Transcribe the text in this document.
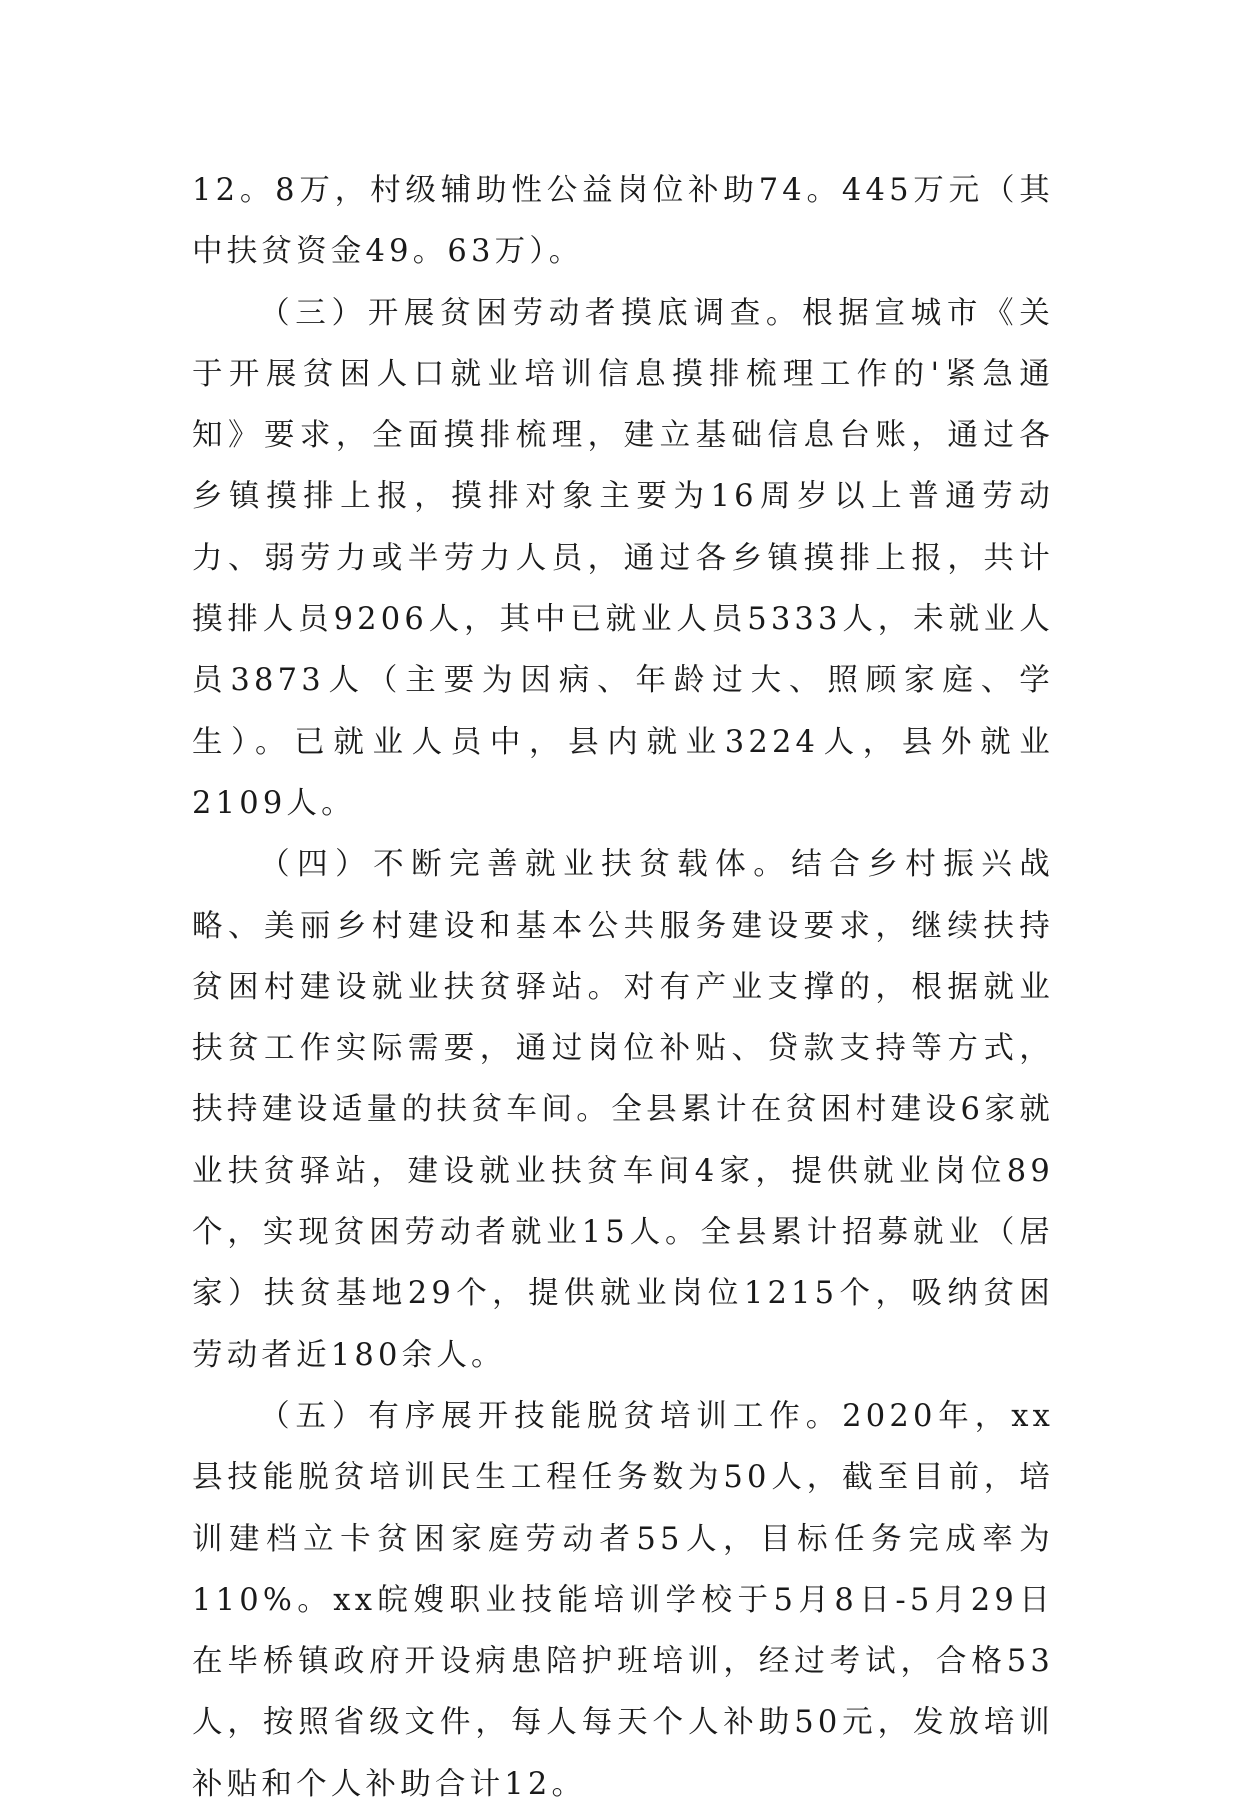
12。8万，村级辅助性公益岗位补助74。445万元（其中扶贫资金49。63万）。

（三）开展贫困劳动者摸底调查。根据宣城市《关于开展贫困人口就业培训信息摸排梳理工作的'紧急通知》要求，全面摸排梳理，建立基础信息台账，通过各乡镇摸排上报，摸排对象主要为16周岁以上普通劳动力、弱劳力或半劳力人员，通过各乡镇摸排上报，共计摸排人员9206人，其中已就业人员5333人，未就业人员3873人（主要为因病、年龄过大、照顾家庭、学生）。已就业人员中，县内就业3224人，县外就业2109人。

（四）不断完善就业扶贫载体。结合乡村振兴战略、美丽乡村建设和基本公共服务建设要求，继续扶持贫困村建设就业扶贫驿站。对有产业支撑的，根据就业扶贫工作实际需要，通过岗位补贴、贷款支持等方式，扶持建设适量的扶贫车间。全县累计在贫困村建设6家就业扶贫驿站，建设就业扶贫车间4家，提供就业岗位89个，实现贫困劳动者就业15人。全县累计招募就业（居家）扶贫基地29个，提供就业岗位1215个，吸纳贫困劳动者近180余人。

（五）有序展开技能脱贫培训工作。2020年，xx县技能脱贫培训民生工程任务数为50人，截至目前，培训建档立卡贫困家庭劳动者55人，目标任务完成率为110%。xx皖嫂职业技能培训学校于5月8日-5月29日在毕桥镇政府开设病患陪护班培训，经过考试，合格53人，按照省级文件，每人每天个人补助50元，发放培训补贴和个人补助合计12。
